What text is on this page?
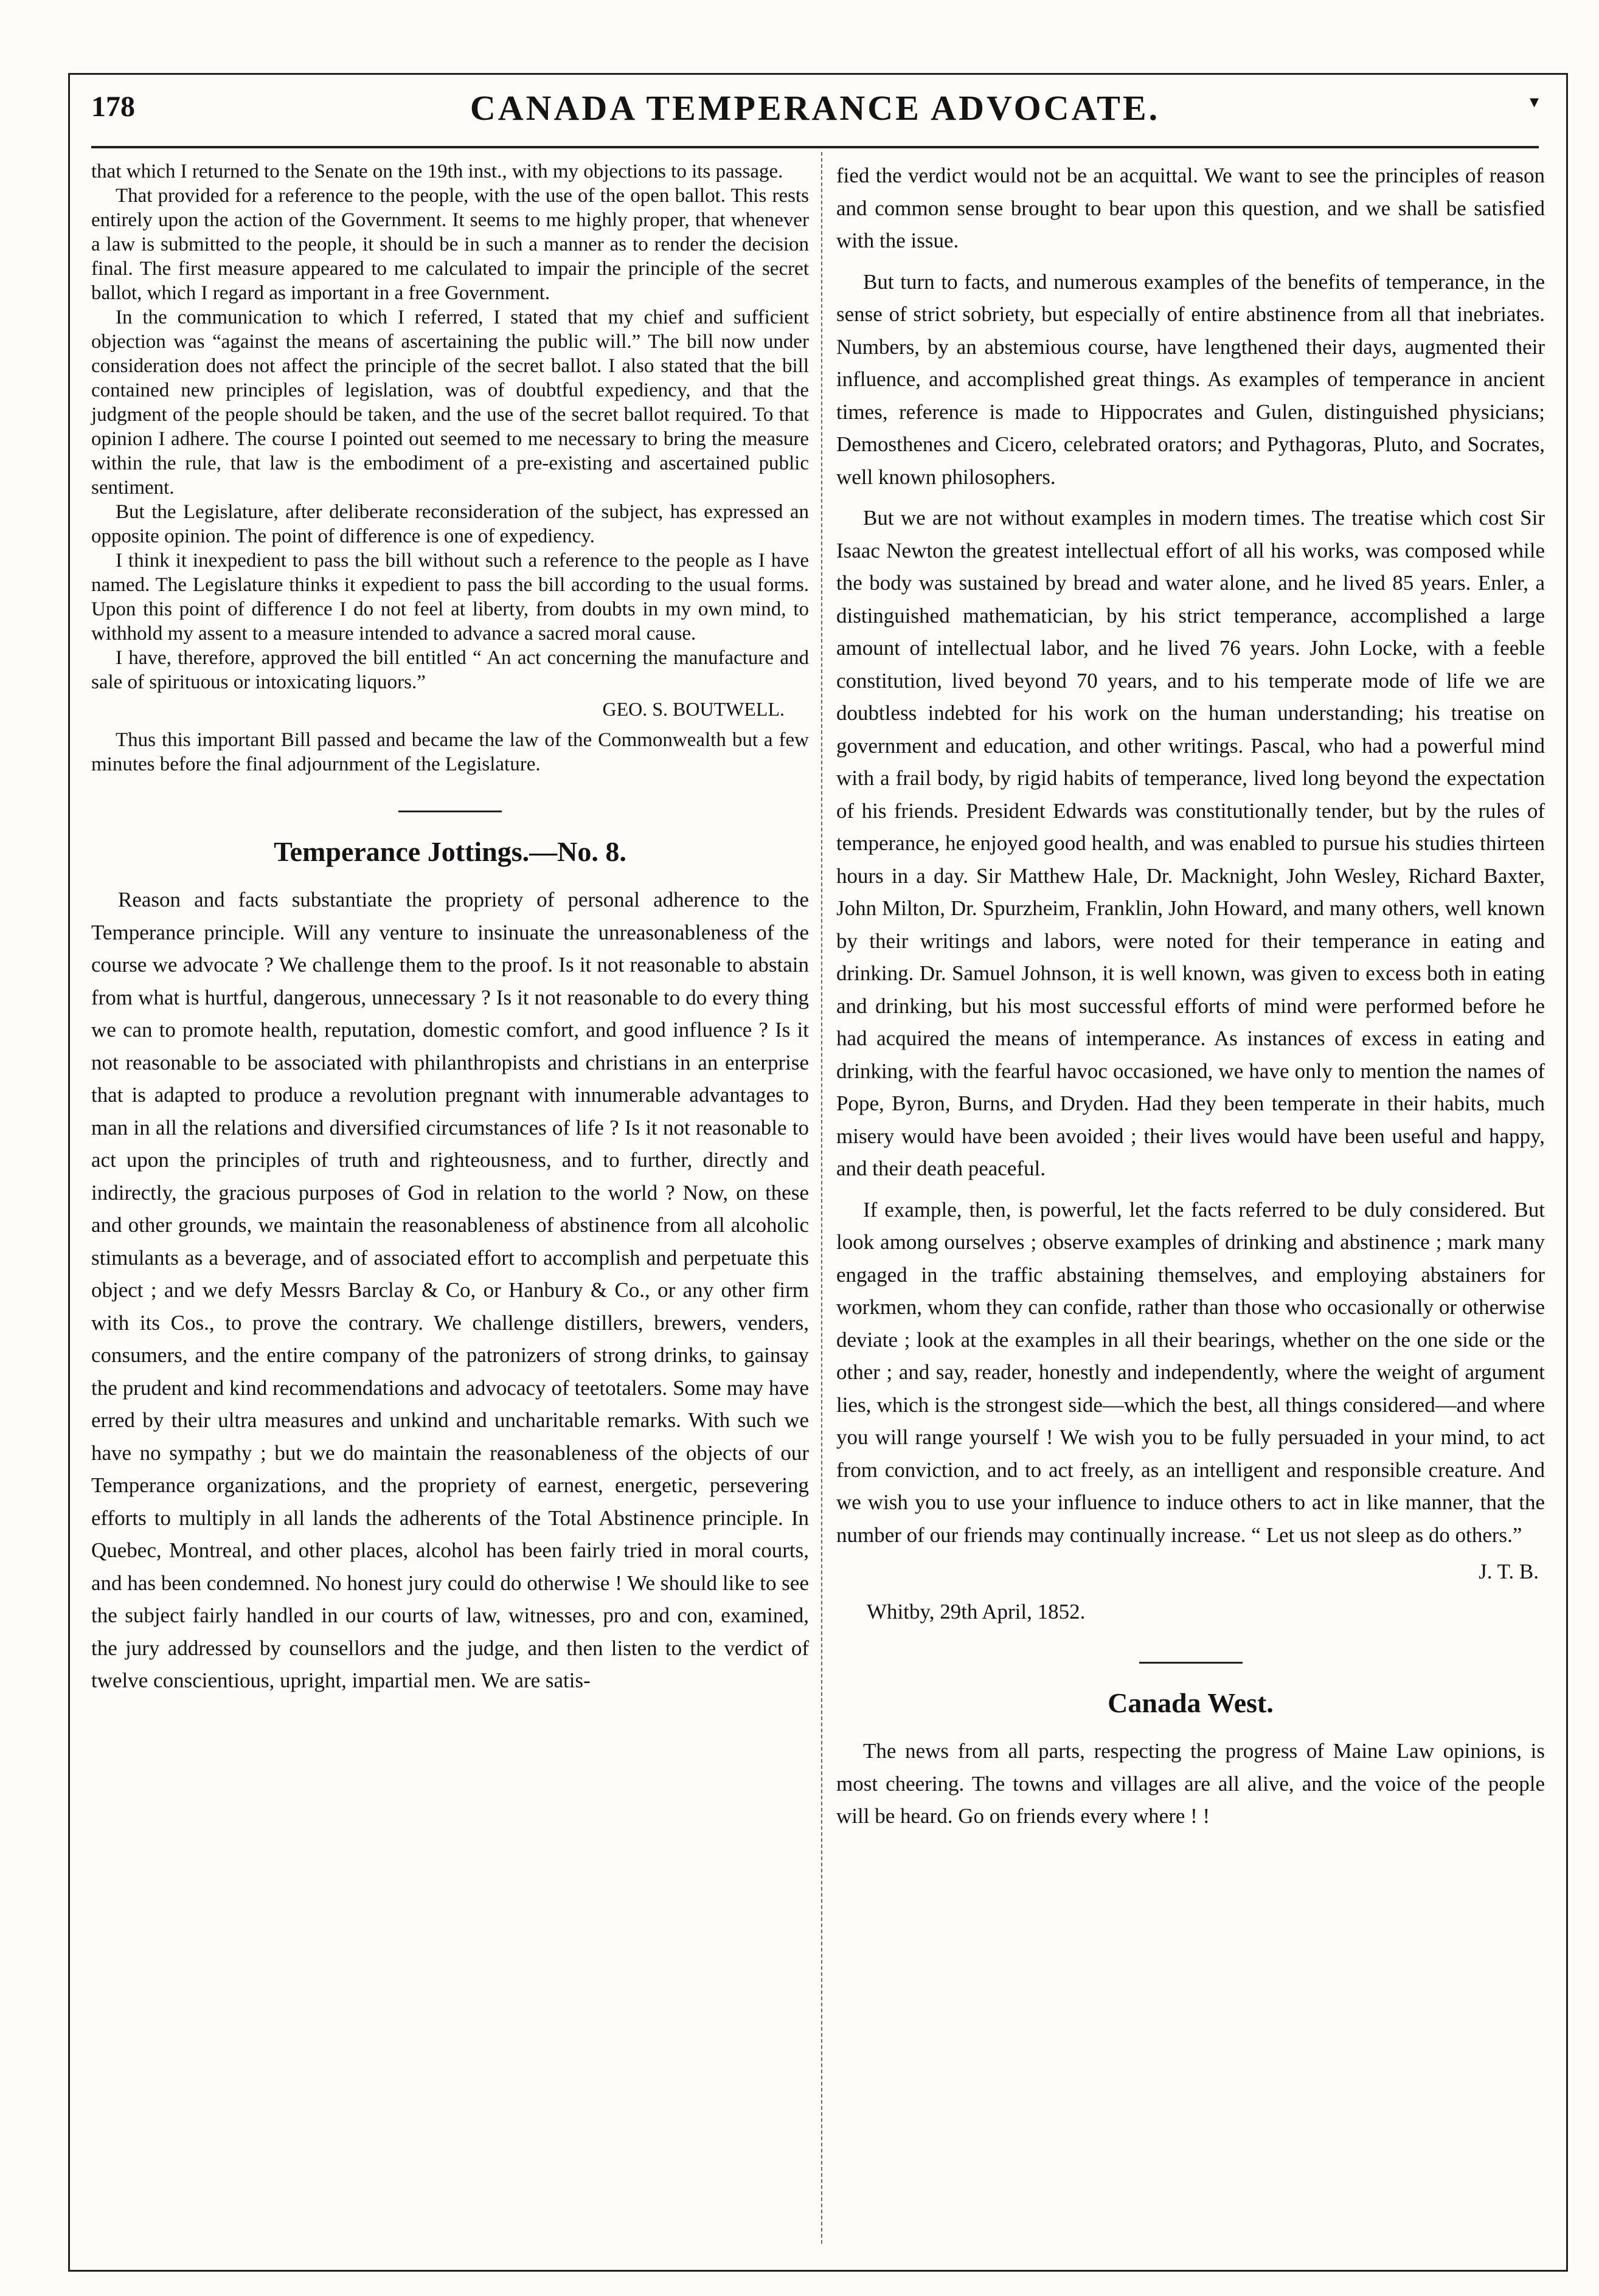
178	CANADA TEMPERANCE ADVOCATE.	▾

that which I returned to the Senate on the 19th inst., with my objections to its passage.

That provided for a reference to the people, with the use of the open ballot. This rests entirely upon the action of the Government. It seems to me highly proper, that whenever a law is submitted to the people, it should be in such a manner as to render the decision final. The first measure appeared to me calculated to impair the principle of the secret ballot, which I regard as important in a free Government.

In the communication to which I referred, I stated that my chief and sufficient objection was “against the means of ascertaining the public will.” The bill now under consideration does not affect the principle of the secret ballot. I also stated that the bill contained new principles of legislation, was of doubtful expediency, and that the judgment of the people should be taken, and the use of the secret ballot required. To that opinion I adhere. The course I pointed out seemed to me necessary to bring the measure within the rule, that law is the embodiment of a pre-existing and ascertained public sentiment.

But the Legislature, after deliberate reconsideration of the subject, has expressed an opposite opinion. The point of difference is one of expediency.

I think it inexpedient to pass the bill without such a reference to the people as I have named. The Legislature thinks it expedient to pass the bill according to the usual forms. Upon this point of difference I do not feel at liberty, from doubts in my own mind, to withhold my assent to a measure intended to advance a sacred moral cause.

I have, therefore, approved the bill entitled “ An act concerning the manufacture and sale of spirituous or intoxicating liquors.”

GEO. S. BOUTWELL.

Thus this important Bill passed and became the law of the Commonwealth but a few minutes before the final adjournment of the Legislature.

Temperance Jottings.—No. 8.

Reason and facts substantiate the propriety of personal adherence to the Temperance principle. Will any venture to insinuate the unreasonableness of the course we advocate ? We challenge them to the proof. Is it not reasonable to abstain from what is hurtful, dangerous, unnecessary ? Is it not reasonable to do every thing we can to promote health, reputation, domestic comfort, and good influence ? Is it not reasonable to be associated with philanthropists and christians in an enterprise that is adapted to produce a revolution pregnant with innumerable advantages to man in all the relations and diversified circumstances of life ? Is it not reasonable to act upon the principles of truth and righteousness, and to further, directly and indirectly, the gracious purposes of God in relation to the world ? Now, on these and other grounds, we maintain the reasonableness of abstinence from all alcoholic stimulants as a beverage, and of associated effort to accomplish and perpetuate this object ; and we defy Messrs Barclay & Co, or Hanbury & Co., or any other firm with its Cos., to prove the contrary. We challenge distillers, brewers, venders, consumers, and the entire company of the patronizers of strong drinks, to gainsay the prudent and kind recommendations and advocacy of teetotalers. Some may have erred by their ultra measures and unkind and uncharitable remarks. With such we have no sympathy ; but we do maintain the reasonableness of the objects of our Temperance organizations, and the propriety of earnest, energetic, persevering efforts to multiply in all lands the adherents of the Total Abstinence principle. In Quebec, Montreal, and other places, alcohol has been fairly tried in moral courts, and has been condemned. No honest jury could do otherwise ! We should like to see the subject fairly handled in our courts of law, witnesses, pro and con, examined, the jury addressed by counsellors and the judge, and then listen to the verdict of twelve conscientious, upright, impartial men. We are satis-

fied the verdict would not be an acquittal. We want to see the principles of reason and common sense brought to bear upon this question, and we shall be satisfied with the issue.

But turn to facts, and numerous examples of the benefits of temperance, in the sense of strict sobriety, but especially of entire abstinence from all that inebriates. Numbers, by an abstemious course, have lengthened their days, augmented their influence, and accomplished great things. As examples of temperance in ancient times, reference is made to Hippocrates and Gulen, distinguished physicians; Demosthenes and Cicero, celebrated orators; and Pythagoras, Pluto, and Socrates, well known philosophers.

But we are not without examples in modern times. The treatise which cost Sir Isaac Newton the greatest intellectual effort of all his works, was composed while the body was sustained by bread and water alone, and he lived 85 years. Enler, a distinguished mathematician, by his strict temperance, accomplished a large amount of intellectual labor, and he lived 76 years. John Locke, with a feeble constitution, lived beyond 70 years, and to his temperate mode of life we are doubtless indebted for his work on the human understanding; his treatise on government and education, and other writings. Pascal, who had a powerful mind with a frail body, by rigid habits of temperance, lived long beyond the expectation of his friends. President Edwards was constitutionally tender, but by the rules of temperance, he enjoyed good health, and was enabled to pursue his studies thirteen hours in a day. Sir Matthew Hale, Dr. Macknight, John Wesley, Richard Baxter, John Milton, Dr. Spurzheim, Franklin, John Howard, and many others, well known by their writings and labors, were noted for their temperance in eating and drinking. Dr. Samuel Johnson, it is well known, was given to excess both in eating and drinking, but his most successful efforts of mind were performed before he had acquired the means of intemperance. As instances of excess in eating and drinking, with the fearful havoc occasioned, we have only to mention the names of Pope, Byron, Burns, and Dryden. Had they been temperate in their habits, much misery would have been avoided ; their lives would have been useful and happy, and their death peaceful.

If example, then, is powerful, let the facts referred to be duly considered. But look among ourselves ; observe examples of drinking and abstinence ; mark many engaged in the traffic abstaining themselves, and employing abstainers for workmen, whom they can confide, rather than those who occasionally or otherwise deviate ; look at the examples in all their bearings, whether on the one side or the other ; and say, reader, honestly and independently, where the weight of argument lies, which is the strongest side—which the best, all things considered—and where you will range yourself ! We wish you to be fully persuaded in your mind, to act from conviction, and to act freely, as an intelligent and responsible creature. And we wish you to use your influence to induce others to act in like manner, that the number of our friends may continually increase. “ Let us not sleep as do others.”

J. T. B.

Whitby, 29th April, 1852.

Canada West.

The news from all parts, respecting the progress of Maine Law opinions, is most cheering. The towns and villages are all alive, and the voice of the people will be heard. Go on friends every where ! !
